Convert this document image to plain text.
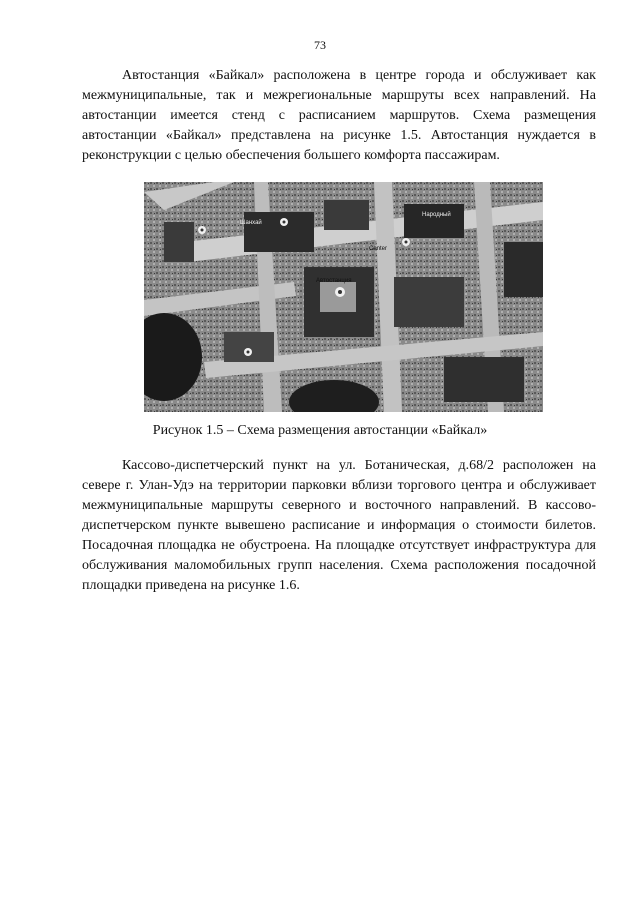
73

Автостанция «Байкал» расположена в центре города и обслуживает как межмуниципальные, так и межрегиональные маршруты всех направлений. На автостанции имеется стенд с расписанием маршрутов. Схема размещения автостанции «Байкал» представлена на рисунке 1.5. Автостанция нуждается в реконструкции с целью обеспечения большего комфорта пассажирам.

Шанхай
Народный
Center
Автостанция
Рисунок 1.5 – Схема размещения автостанции «Байкал»

Кассово-диспетчерский пункт на ул. Ботаническая, д.68/2 расположен на севере г. Улан-Удэ на территории парковки вблизи торгового центра и обслуживает межмуниципальные маршруты северного и восточного направлений. В кассово-диспетчерском пункте вывешено расписание и информация о стоимости билетов. Посадочная площадка не обустроена. На площадке отсутствует инфраструктура для обслуживания маломобильных групп населения. Схема расположения посадочной площадки приведена на рисунке 1.6.
